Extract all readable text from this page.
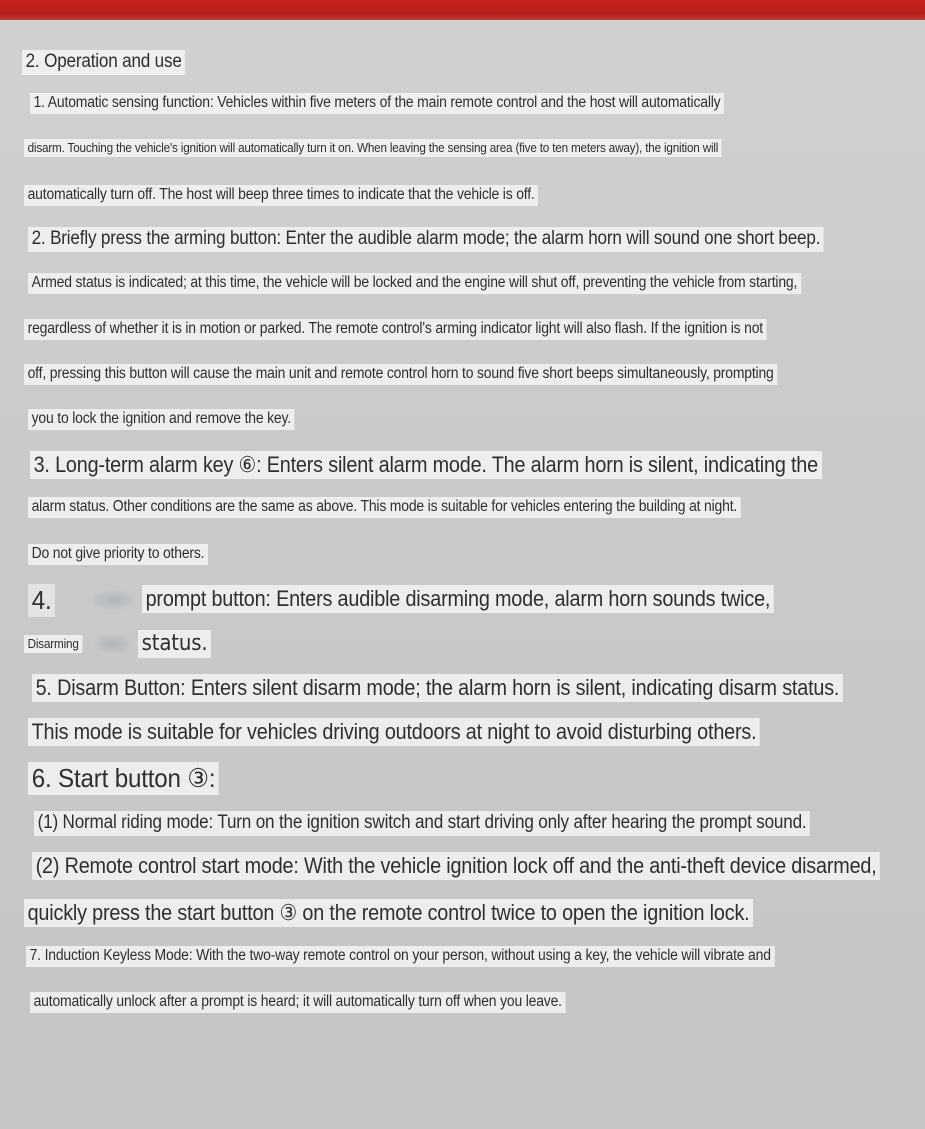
2. Operation and use
1. Automatic sensing function: Vehicles within five meters of the main remote control and the host will automatically
disarm. Touching the vehicle's ignition will automatically turn it on. When leaving the sensing area (five to ten meters away), the ignition will
automatically turn off. The host will beep three times to indicate that the vehicle is off.
2. Briefly press the arming button: Enter the audible alarm mode; the alarm horn will sound one short beep.
Armed status is indicated; at this time, the vehicle will be locked and the engine will shut off, preventing the vehicle from starting,
regardless of whether it is in motion or parked. The remote control's arming indicator light will also flash. If the ignition is not
off, pressing this button will cause the main unit and remote control horn to sound five short beeps simultaneously, prompting
you to lock the ignition and remove the key.
3. Long-term alarm key ⑥: Enters silent alarm mode. The alarm horn is silent, indicating the
alarm status. Other conditions are the same as above. This mode is suitable for vehicles entering the building at night.
Do not give priority to others.
4.	prompt button: Enters audible disarming mode, alarm horn sounds twice,
Disarming	status.
5. Disarm Button: Enters silent disarm mode; the alarm horn is silent, indicating disarm status.
This mode is suitable for vehicles driving outdoors at night to avoid disturbing others.
6. Start button ③:
(1) Normal riding mode: Turn on the ignition switch and start driving only after hearing the prompt sound.
(2) Remote control start mode: With the vehicle ignition lock off and the anti-theft device disarmed,
quickly press the start button ③ on the remote control twice to open the ignition lock.
7. Induction Keyless Mode: With the two-way remote control on your person, without using a key, the vehicle will vibrate and
automatically unlock after a prompt is heard; it will automatically turn off when you leave.
